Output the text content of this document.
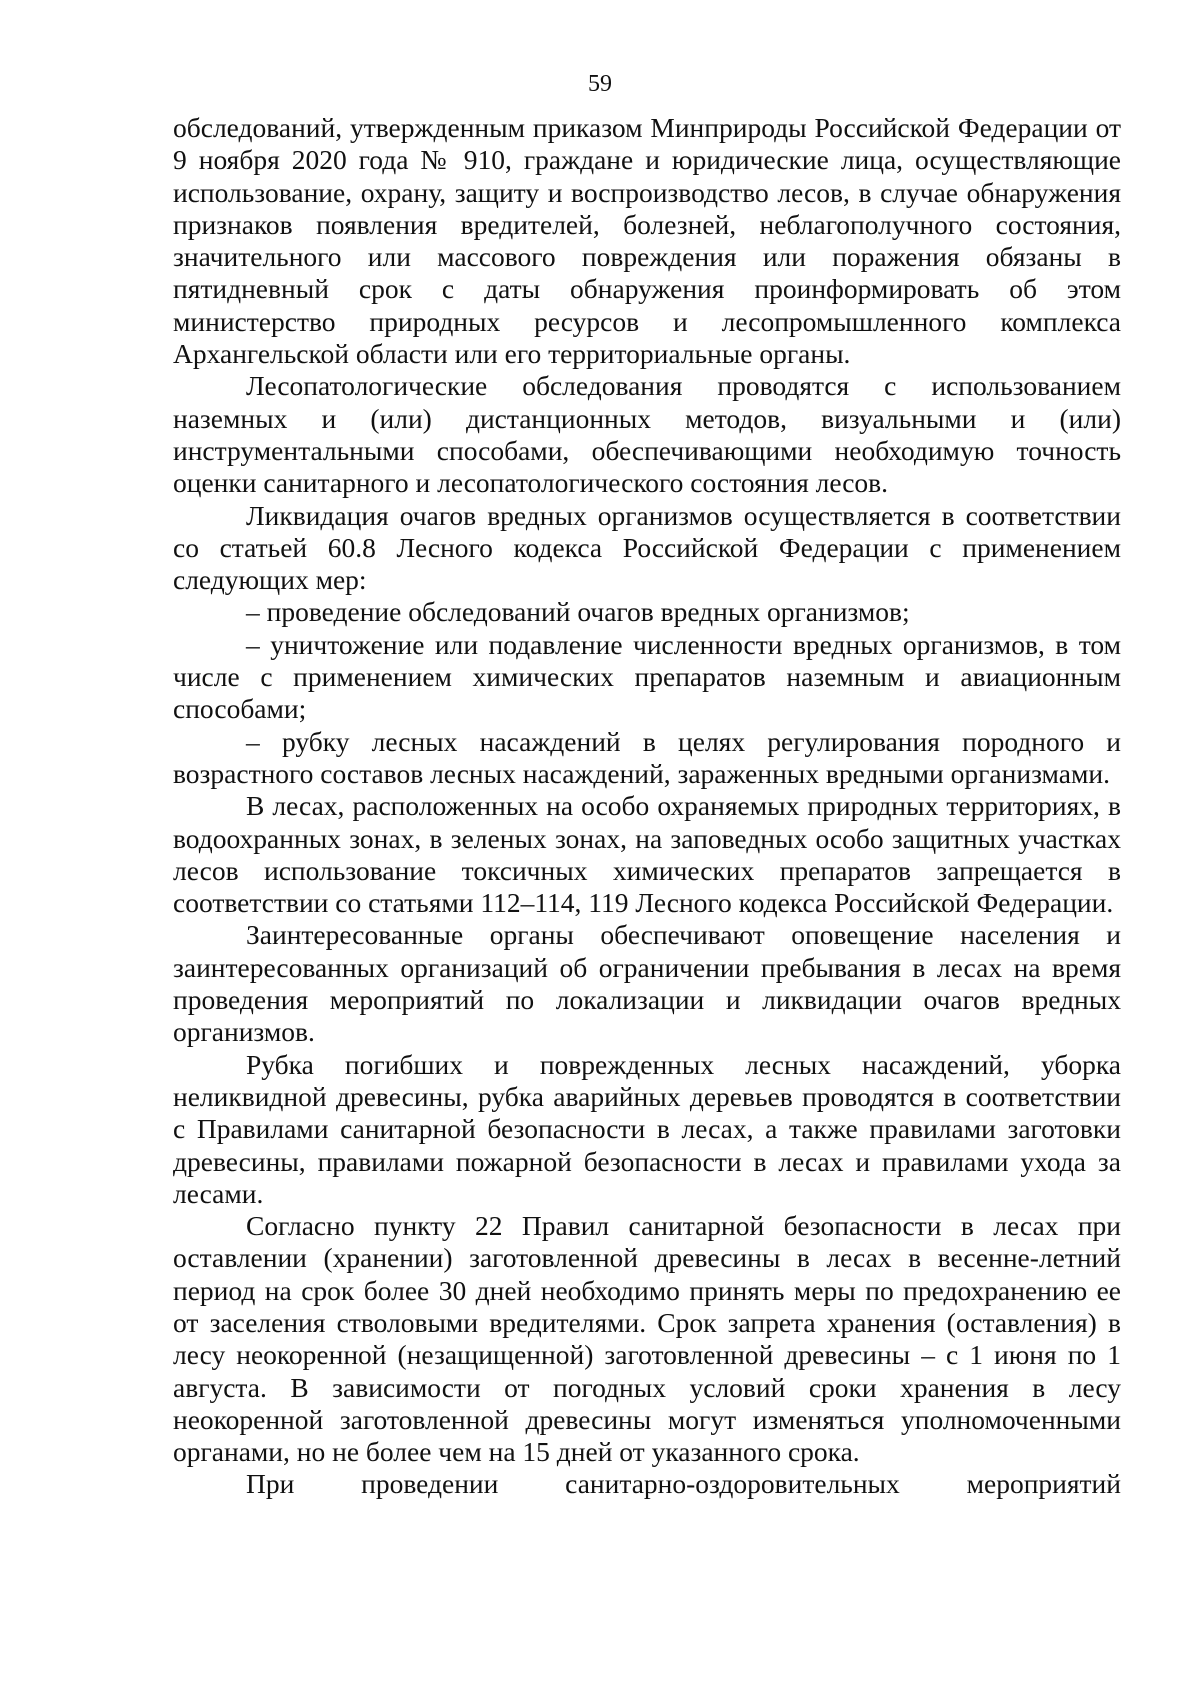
59

обследований, утвержденным приказом Минприроды Российской Федерации от 9 ноября 2020 года № 910, граждане и юридические лица, осуществляющие использование, охрану, защиту и воспроизводство лесов, в случае обнаружения признаков появления вредителей, болезней, неблагополучного состояния, значительного или массового повреждения или поражения обязаны в пятидневный срок с даты обнаружения проинформировать об этом министерство природных ресурсов и лесопромышленного комплекса Архангельской области или его территориальные органы.

Лесопатологические обследования проводятся с использованием наземных и (или) дистанционных методов, визуальными и (или) инструментальными способами, обеспечивающими необходимую точность оценки санитарного и лесопатологического состояния лесов.

Ликвидация очагов вредных организмов осуществляется в соответствии со статьей 60.8 Лесного кодекса Российской Федерации с применением следующих мер:

– проведение обследований очагов вредных организмов;

– уничтожение или подавление численности вредных организмов, в том числе с применением химических препаратов наземным и авиационным способами;

– рубку лесных насаждений в целях регулирования породного и возрастного составов лесных насаждений, зараженных вредными организмами.

В лесах, расположенных на особо охраняемых природных территориях, в водоохранных зонах, в зеленых зонах, на заповедных особо защитных участках лесов использование токсичных химических препаратов запрещается в соответствии со статьями 112–114, 119 Лесного кодекса Российской Федерации.

Заинтересованные органы обеспечивают оповещение населения и заинтересованных организаций об ограничении пребывания в лесах на время проведения мероприятий по локализации и ликвидации очагов вредных организмов.

Рубка погибших и поврежденных лесных насаждений, уборка неликвидной древесины, рубка аварийных деревьев проводятся в соответствии с Правилами санитарной безопасности в лесах, а также правилами заготовки древесины, правилами пожарной безопасности в лесах и правилами ухода за лесами.

Согласно пункту 22 Правил санитарной безопасности в лесах при оставлении (хранении) заготовленной древесины в лесах в весенне-летний период на срок более 30 дней необходимо принять меры по предохранению ее от заселения стволовыми вредителями. Срок запрета хранения (оставления) в лесу неокоренной (незащищенной) заготовленной древесины – с 1 июня по 1 августа. В зависимости от погодных условий сроки хранения в лесу неокоренной заготовленной древесины могут изменяться уполномоченными органами, но не более чем на 15 дней от указанного срока.

При проведении санитарно-оздоровительных мероприятий
